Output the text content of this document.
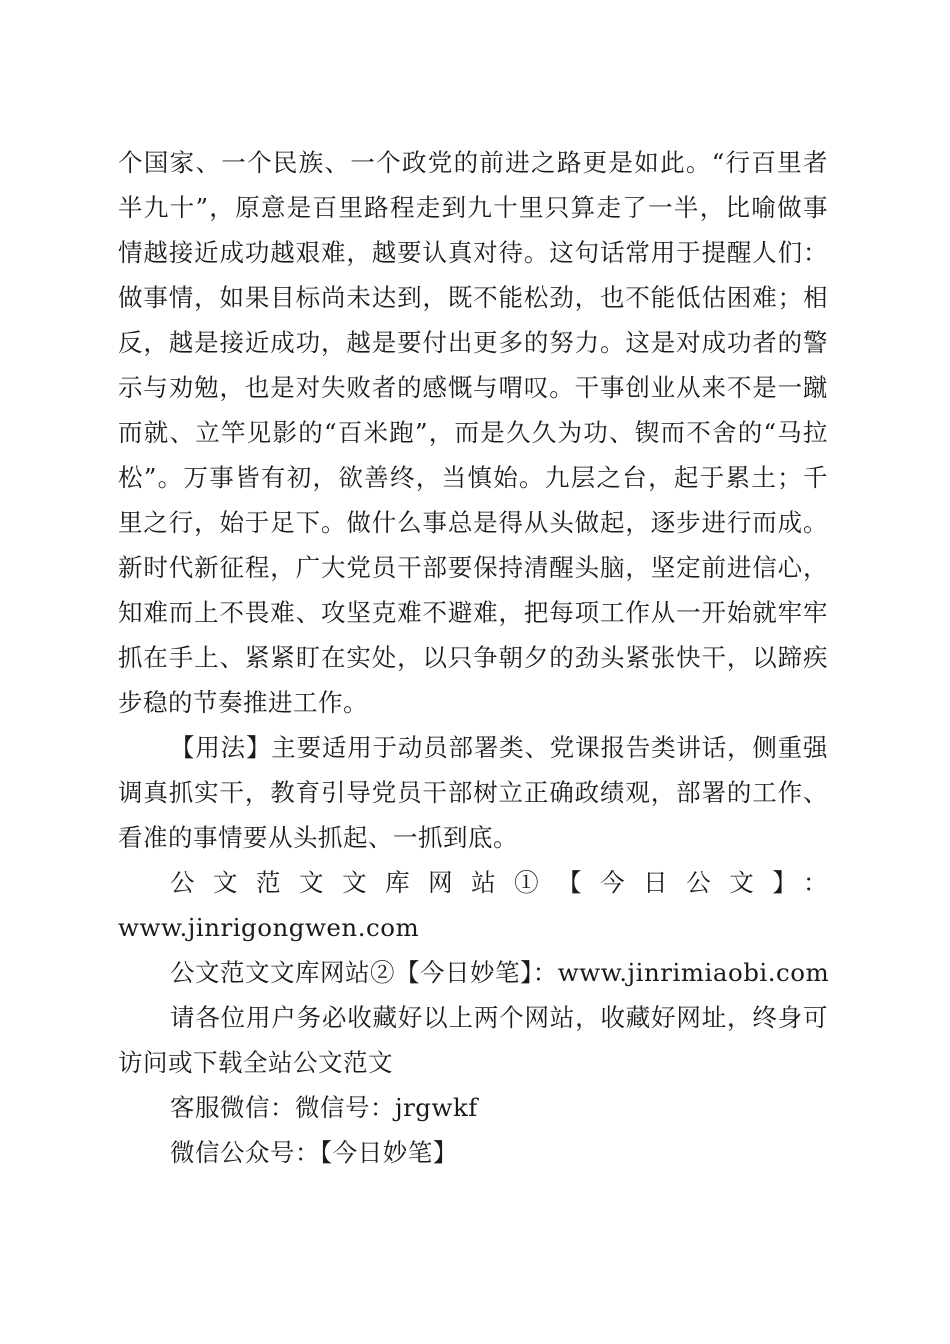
个国家、一个民族、一个政党的前进之路更是如此。“行百里者半九十”，原意是百里路程走到九十里只算走了一半，比喻做事情越接近成功越艰难，越要认真对待。这句话常用于提醒人们：做事情，如果目标尚未达到，既不能松劲，也不能低估困难；相反，越是接近成功，越是要付出更多的努力。这是对成功者的警示与劝勉，也是对失败者的感慨与喟叹。干事创业从来不是一蹴而就、立竿见影的“百米跑”，而是久久为功、锲而不舍的“马拉松”。万事皆有初，欲善终，当慎始。九层之台，起于累土；千里之行，始于足下。做什么事总是得从头做起，逐步进行而成。新时代新征程，广大党员干部要保持清醒头脑，坚定前进信心，知难而上不畏难、攻坚克难不避难，把每项工作从一开始就牢牢抓在手上、紧紧盯在实处，以只争朝夕的劲头紧张快干，以蹄疾步稳的节奏推进工作。

【用法】主要适用于动员部署类、党课报告类讲话，侧重强调真抓实干，教育引导党员干部树立正确政绩观，部署的工作、看准的事情要从头抓起、一抓到底。

公文范文文库网站①【今日公文】：

www.jinrigongwen.com

公文范文文库网站②【今日妙笔】：www.jinrimiaobi.com

请各位用户务必收藏好以上两个网站，收藏好网址，终身可访问或下载全站公文范文

客服微信：微信号：jrgwkf

微信公众号：【今日妙笔】
